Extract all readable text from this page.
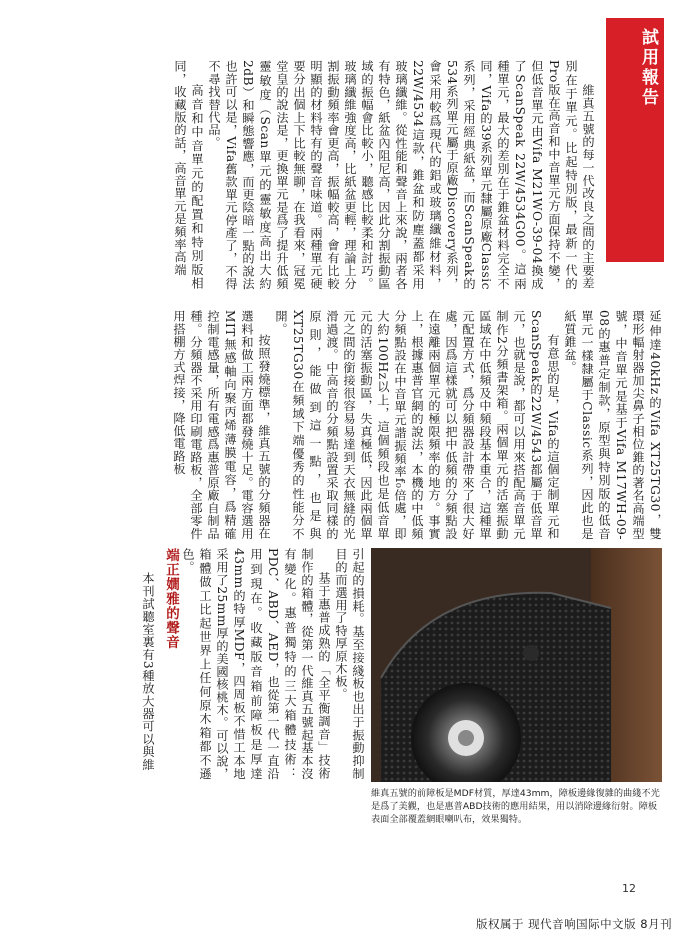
試用報告

維真五號的每一代改良之間的主要差別在于單元。比起特別版，最新一代的Pro版在高音和中音單元方面保持不變，但低音單元由Vifa M21WO-39-04換成了ScanSpeak 22W/4534G00。這兩種單元，最大的差別在于錐盆材料完全不同，Vifa的39系列單元隸屬原廠Classic系列，采用經典紙盆，而ScanSpeak的534系列單元屬于原廠Discovery系列，會采用較爲現代的鋁或玻璃纖維材料，22W/4534這款，錐盆和防塵蓋都采用玻璃纖維。從性能和聲音上來說，兩者各有特色，紙盆內阻尼高，因此分割振動區域的振幅會比較小，聽感比較柔和討巧。玻璃纖維強度高，比紙盆更輕，理論上分割振動頻率會更高，振幅較高，會有比較明顯的材料特有的聲音味道。兩種單元硬要分出個上下比較無聊，在我看來，冠冕堂皇的說法是，更換單元是爲了提升低頻靈敏度（Scan單元的靈敏度高出大約2dB）和瞬態響應，而更陰暗一點的說法也許可以是，Vifa舊款單元停產了，不得不尋找替代品。

高音和中音單元的配置和特別版相同，收藏版的話，高音單元是頻率高端

延伸達40kHz的Vifa XT25TG30，雙環形輻射器加尖鼻子相位錐的著名高端型號，中音單元是基于Vifa M17WH-09-08的惠普定制款，原型與特別版的低音單元一樣隸屬于Classic系列，因此也是紙質錐盆。

有意思的是，Vifa的這個定制單元和ScanSpeak的22W/4543都屬于低音單元，也就是說，都可以用來搭配高音單元制作2分頻書架箱。兩個單元的活塞振動區域在中低頻及中頻段基本重合，這種單元配置方式，爲分頻器設計帶來了很大好處，因爲這樣就可以把中低頻的分頻點設在遠離兩個單元的極限頻率的地方。事實上，根據惠普官網的說法，本機的中低頻分頻點設在中音單元諧振頻率f₀倍處，即大約100Hz以上，這個頻段也是低音單元的活塞振動區，失真極低，因此兩個單元之間的銜接很容易易達到天衣無縫的光滑過渡。中高音的分頻點設置采取同樣的原則，能做到這一點，也是與XT25TG30在頻域下端優秀的性能分不開。

按照發燒標準，維真五號的分頻器在選料和做工兩方面都發燒十足。電容選用MIT無感軸向聚丙烯薄膜電容，爲精確控制電感量，所有電感爲惠普原廠自制品種。分頻器不采用印刷電路板，全部零件用搭棚方式焊接，降低電路板

引起的損耗。基至接綫板也出于振動抑制目的而選用了特厚原木板。

基于惠普成熟的「全平衡調音」技術制作的箱體，從第一代維真五號起基本沒有變化。惠普獨特的三大箱體技術：PDC、ABD、AED，也從第一代一直沿用到現在。收藏版音箱前障板是厚達43mm的特厚MDF，四周板不惜工本地采用了25mm厚的美國核桃木。可以說，箱體做工比起世界上任何原木箱都不遜色。

端正嫺雅的聲音

本刊試聽室裏有3種放大器可以與維

維真五號的前障板是MDF材質，厚達43mm，障板邊緣復雜的曲綫不光是爲了美觀，也是惠普ABD技術的應用結果，用以消除邊緣衍射。障板表面全部覆蓋網眼喇叭布，效果獨特。
12
版权属于 现代音响国际中文版 8月刊
